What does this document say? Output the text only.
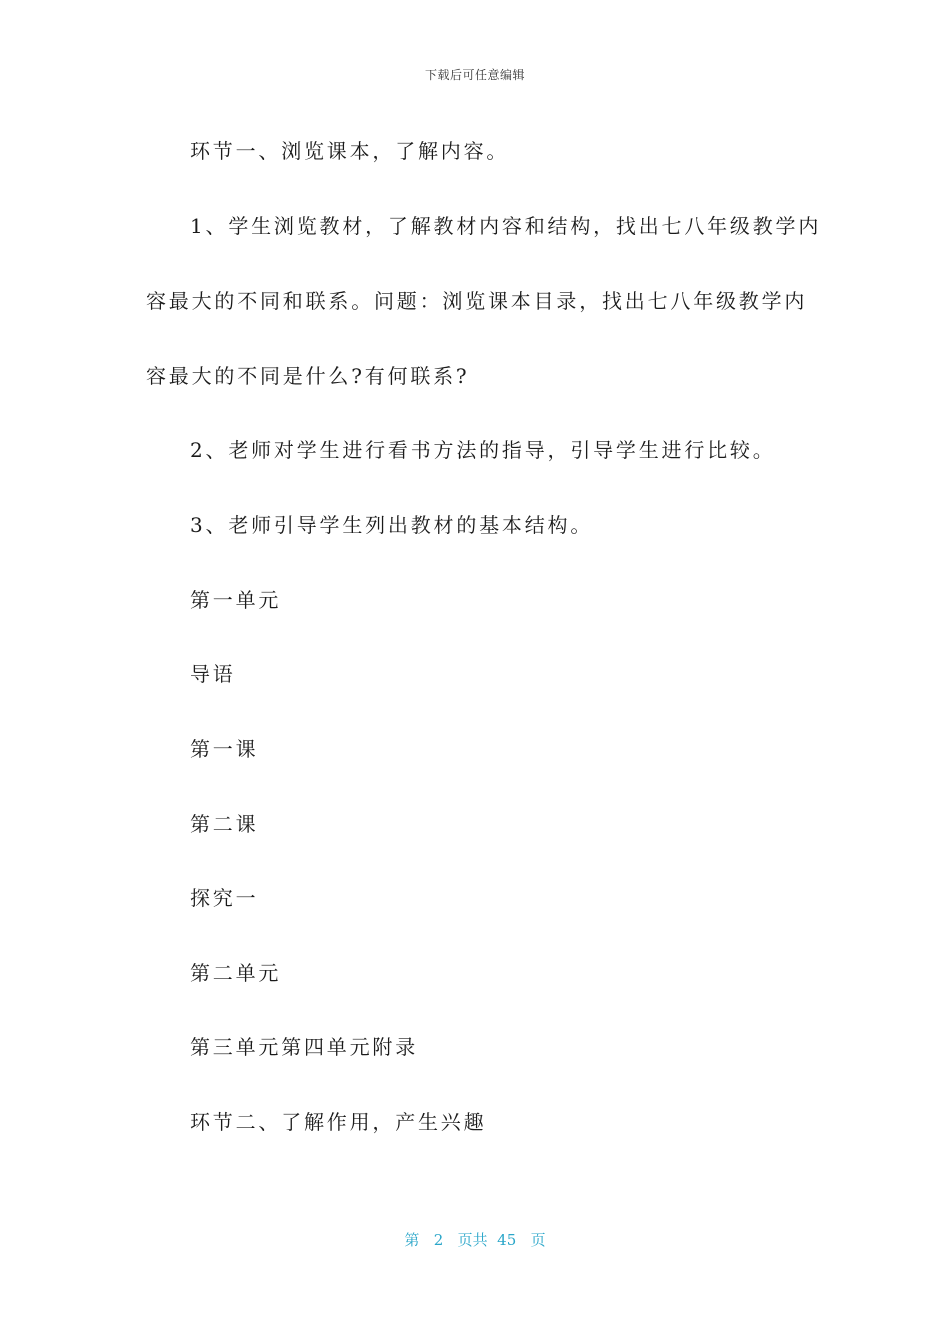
下载后可任意编辑
环节一、浏览课本，了解内容。
1、学生浏览教材，了解教材内容和结构，找出七八年级教学内
容最大的不同和联系。问题：浏览课本目录，找出七八年级教学内
容最大的不同是什么?有何联系?
2、老师对学生进行看书方法的指导，引导学生进行比较。
3、老师引导学生列出教材的基本结构。
第一单元
导语
第一课
第二课
探究一
第二单元
第三单元第四单元附录
环节二、了解作用，产生兴趣
第 2 页共 45 页
